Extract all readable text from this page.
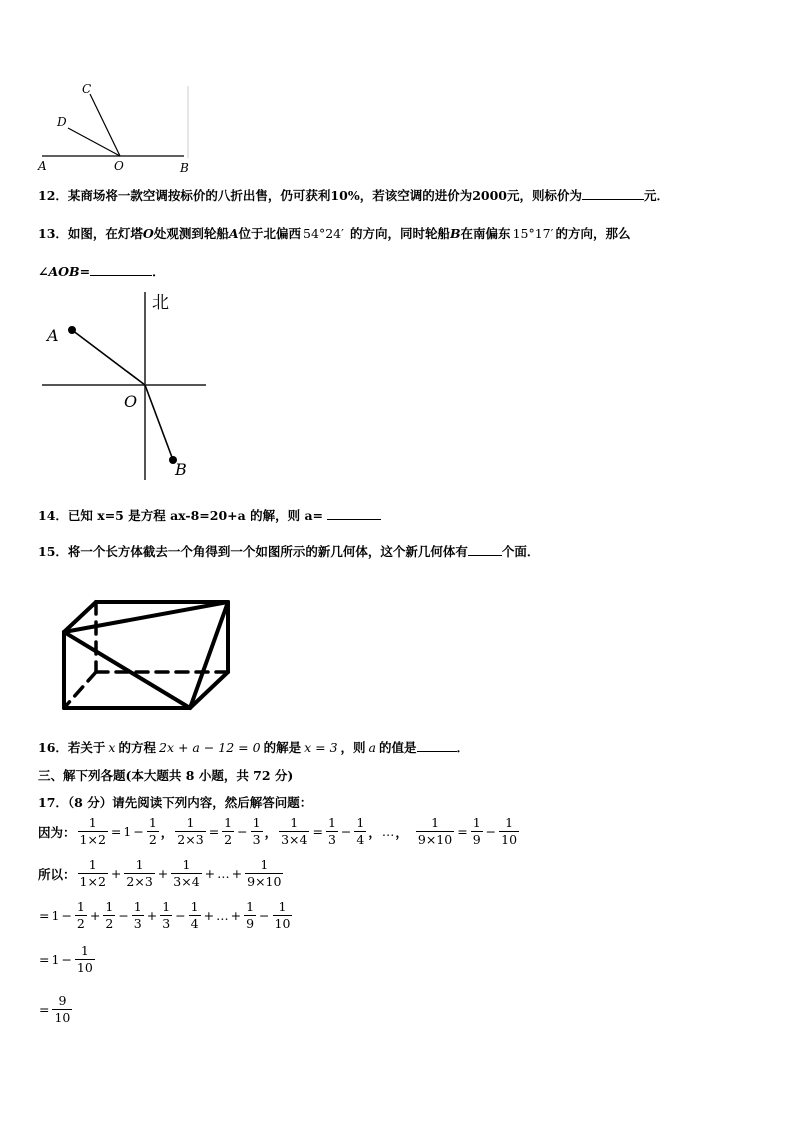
C
D
A	O	B
12．某商场将一款空调按标价的八折出售，仍可获利10%，若该空调的进价为2000元，则标价为	元．
13．如图，在灯塔O处观测到轮船A位于北偏西 54°24′ 的方向，同时轮船B在南偏东 15°17′ 的方向，那么
∠AOB=	．
北
A
O
B
14．已知 x=5 是方程 ax-8=20+a 的解，则 a=
15．将一个长方体截去一个角得到一个如图所示的新几何体，这个新几何体有	个面．
16．若关于 x 的方程 2x + a − 12 = 0 的解是 x = 3 ，则 a 的值是	．
三、解下列各题(本大题共 8 小题，共 72 分)
17．（8 分）请先阅读下列内容，然后解答问题：
因为： $\frac{1}{1\times 2} = 1 - \frac{1}{2}$ ， $\frac{1}{2\times 3} = \frac{1}{2} - \frac{1}{3}$ ， $\frac{1}{3\times 4} = \frac{1}{3} - \frac{1}{4}$ ， … ， $\frac{1}{9\times 10} = \frac{1}{9} - \frac{1}{10}$
所以： $\frac{1}{1\times 2} + \frac{1}{2\times 3} + \frac{1}{3\times 4}$ + … + $\frac{1}{9\times 10}$
= $1 - \frac{1}{2} + \frac{1}{2} - \frac{1}{3} + \frac{1}{3} - \frac{1}{4}$ + … + $\frac{1}{9} - \frac{1}{10}$
= $1 - \frac{1}{10}$
= $\frac{9}{10}$
